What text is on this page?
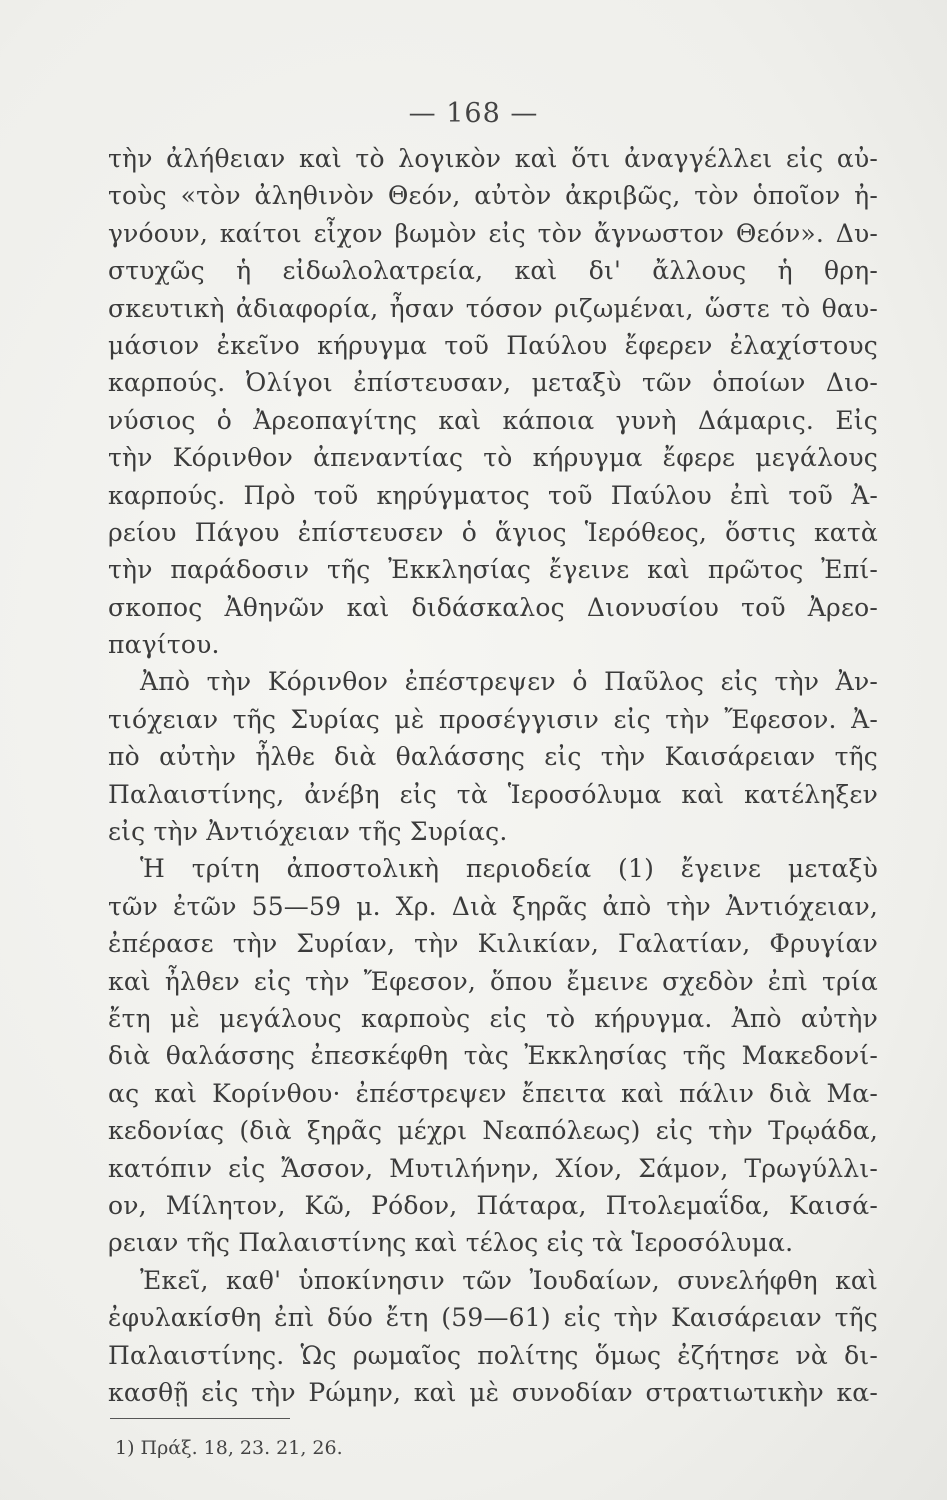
— 168 —
τὴν ἀλήθειαν καὶ τὸ λογικὸν καὶ ὅτι ἀναγγέλλει εἰς αὐ-
τοὺς «τὸν ἀληθινὸν Θεόν, αὐτὸν ἀκριβῶς, τὸν ὁποῖον ἠ-
γνόουν, καίτοι εἶχον βωμὸν εἰς τὸν ἄγνωστον Θεόν». Δυ-
στυχῶς ἡ εἰδωλολατρεία, καὶ δι' ἄλλους ἡ θρη-
σκευτικὴ ἀδιαφορία, ἦσαν τόσον ριζωμέναι, ὥστε τὸ θαυ-
μάσιον ἐκεῖνο κήρυγμα τοῦ Παύλου ἔφερεν ἐλαχίστους
καρπούς. Ὀλίγοι ἐπίστευσαν, μεταξὺ τῶν ὁποίων Διο-
νύσιος ὁ Ἀρεοπαγίτης καὶ κάποια γυνὴ Δάμαρις. Εἰς
τὴν Κόρινθον ἀπεναντίας τὸ κήρυγμα ἔφερε μεγάλους
καρπούς. Πρὸ τοῦ κηρύγματος τοῦ Παύλου ἐπὶ τοῦ Ἀ-
ρείου Πάγου ἐπίστευσεν ὁ ἅγιος Ἱερόθεος, ὅστις κατὰ
τὴν παράδοσιν τῆς Ἐκκλησίας ἔγεινε καὶ πρῶτος Ἐπί-
σκοπος Ἀθηνῶν καὶ διδάσκαλος Διονυσίου τοῦ Ἀρεο-
παγίτου.
Ἀπὸ τὴν Κόρινθον ἐπέστρεψεν ὁ Παῦλος εἰς τὴν Ἀν-
τιόχειαν τῆς Συρίας μὲ προσέγγισιν εἰς τὴν Ἔφεσον. Ἀ-
πὸ αὐτὴν ἦλθε διὰ θαλάσσης εἰς τὴν Καισάρειαν τῆς
Παλαιστίνης, ἀνέβη εἰς τὰ Ἱεροσόλυμα καὶ κατέληξεν
εἰς τὴν Ἀντιόχειαν τῆς Συρίας.
Ἡ τρίτη ἀποστολικὴ περιοδεία (1) ἔγεινε μεταξὺ
τῶν ἐτῶν 55—59 μ. Χρ. Διὰ ξηρᾶς ἀπὸ τὴν Ἀντιόχειαν,
ἐπέρασε τὴν Συρίαν, τὴν Κιλικίαν, Γαλατίαν, Φρυγίαν
καὶ ἦλθεν εἰς τὴν Ἔφεσον, ὅπου ἔμεινε σχεδὸν ἐπὶ τρία
ἔτη μὲ μεγάλους καρποὺς εἰς τὸ κήρυγμα. Ἀπὸ αὐτὴν
διὰ θαλάσσης ἐπεσκέφθη τὰς Ἐκκλησίας τῆς Μακεδονί-
ας καὶ Κορίνθου· ἐπέστρεψεν ἔπειτα καὶ πάλιν διὰ Μα-
κεδονίας (διὰ ξηρᾶς μέχρι Νεαπόλεως) εἰς τὴν Τρῳάδα,
κατόπιν εἰς Ἄσσον, Μυτιλήνην, Χίον, Σάμον, Τρωγύλλι-
ον, Μίλητον, Κῶ, Ρόδον, Πάταρα, Πτολεμαΐδα, Καισά-
ρειαν τῆς Παλαιστίνης καὶ τέλος εἰς τὰ Ἱεροσόλυμα.
Ἐκεῖ, καθ' ὑποκίνησιν τῶν Ἰουδαίων, συνελήφθη καὶ
ἐφυλακίσθη ἐπὶ δύο ἔτη (59—61) εἰς τὴν Καισάρειαν τῆς
Παλαιστίνης. Ὡς ρωμαῖος πολίτης ὅμως ἐζήτησε νὰ δι-
κασθῇ εἰς τὴν Ρώμην, καὶ μὲ συνοδίαν στρατιωτικὴν κα-
1) Πράξ. 18, 23. 21, 26.
